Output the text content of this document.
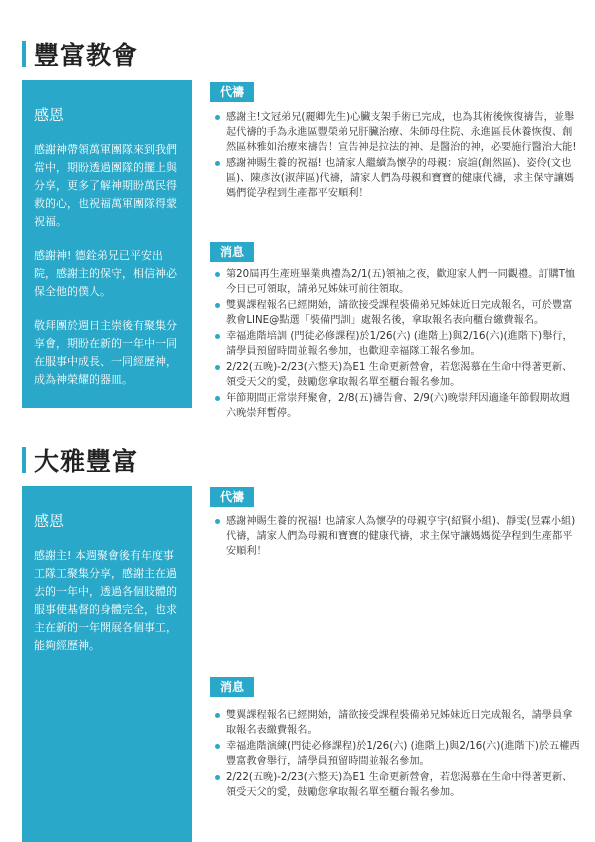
豐富教會
感恩

感謝神帶領萬軍團隊來到我們當中，期盼透過團隊的擺上與分享，更多了解神期盼萬民得救的心，也祝福萬軍團隊得蒙祝福。

感謝神! 德銓弟兄已平安出院，感謝主的保守，相信神必保全他的僕人。

敬拜團於週日主崇後有聚集分享會，期盼在新的一年中一同在服事中成長、一同經歷神，成為神榮耀的器皿。

代禱
感謝主!文冠弟兄(麗卿先生)心臟支架手術已完成，也為其術後恢復禱告，並舉起代禱的手為永進區豐榮弟兄肝臟治療、朱師母住院、永進區長休養恢復、創然區林雅如治療來禱告！宣告神是拉法的神、是醫治的神，必要施行醫治大能!
感謝神賜生養的祝福! 也請家人繼續為懷孕的母親：宸諠(創然區)、姿伶(文也區)、陳彥汝(淑萍區)代禱，請家人們為母親和寶寶的健康代禱，求主保守讓媽媽們從孕程到生產都平安順利！
消息
第20屆再生產班畢業典禮為2/1(五)領袖之夜，歡迎家人們一同觀禮。訂購T恤今日已可領取，請弟兄姊妹可前往領取。
雙翼課程報名已經開始，請欲接受課程裝備弟兄姊妹近日完成報名，可於豐富教會LINE@點選「裝備門訓」處報名後，拿取報名表向櫃台繳費報名。
幸福進階培訓 (門徒必修課程)於1/26(六) (進階上)與2/16(六)(進階下)舉行，請學員預留時間並報名參加，也歡迎幸福隊工報名參加。
2/22(五晚)-2/23(六整天)為E1 生命更新營會，若您渴慕在生命中得著更新、領受天父的愛，鼓勵您拿取報名單至櫃台報名參加。
年節期間正常崇拜聚會，2/8(五)禱告會、2/9(六)晚崇拜因適逢年節假期故週六晚崇拜暫停。
大雅豐富
感恩

感謝主! 本週聚會後有年度事工隊工聚集分享，感謝主在過去的一年中，透過各個肢體的服事使基督的身體完全，也求主在新的一年開展各個事工，能夠經歷神。

代禱
感謝神賜生養的祝福! 也請家人為懷孕的母親亨宇(紹賢小組)、靜雯(昱霖小組)代禱，請家人們為母親和寶寶的健康代禱，求主保守讓媽媽從孕程到生產都平安順利！
消息
雙翼課程報名已經開始，請欲接受課程裝備弟兄姊妹近日完成報名，請學員拿取報名表繳費報名。
幸福進階演練(門徒必修課程)於1/26(六) (進階上)與2/16(六)(進階下)於五權西豐富教會舉行，請學員預留時間並報名參加。
2/22(五晚)-2/23(六整天)為E1 生命更新營會，若您渴慕在生命中得著更新、領受天父的愛，鼓勵您拿取報名單至櫃台報名參加。
